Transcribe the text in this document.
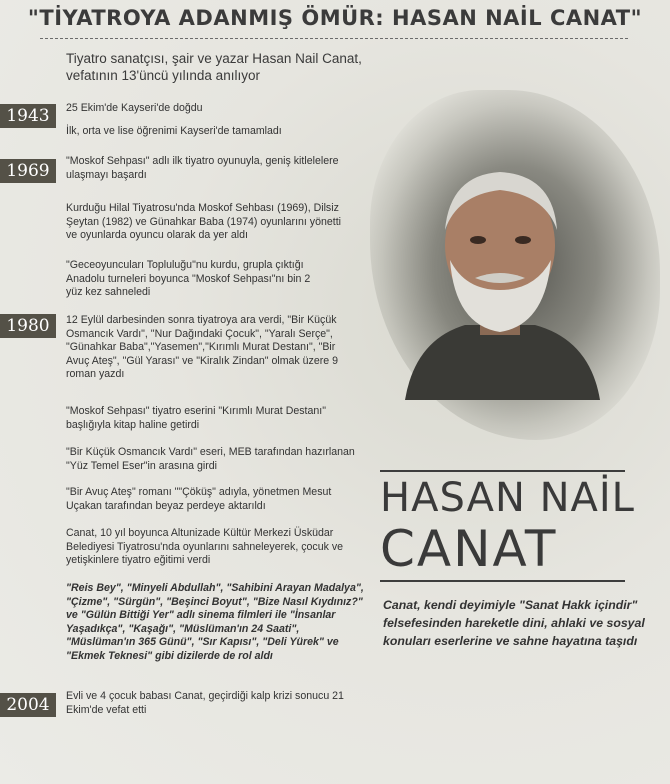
"TİYATROYA ADANMIŞ ÖMÜR: HASAN NAİL CANAT"
Tiyatro sanatçısı, şair ve yazar Hasan Nail Canat, vefatının 13'üncü yılında anılıyor
1943
1969
1980
2004
25 Ekim'de Kayseri'de doğdu
İlk, orta ve lise öğrenimi Kayseri'de tamamladı
"Moskof Sehpası" adlı ilk tiyatro oyunuyla, geniş kitlelelere ulaşmayı başardı
Kurduğu Hilal Tiyatrosu'nda Moskof Sehbası (1969), Dilsiz Şeytan (1982) ve Günahkar Baba (1974) oyunlarını yönetti ve oyunlarda oyuncu olarak da yer aldı
"Geceoyuncuları Topluluğu"nu kurdu, grupla çıktığı Anadolu turneleri boyunca "Moskof Sehpası"nı bin 2 yüz kez sahneledi
12 Eylül darbesinden sonra tiyatroya ara verdi, "Bir Küçük Osmancık Vardı", "Nur Dağındaki Çocuk", "Yaralı Serçe", "Günahkar Baba","Yasemen","Kırımlı Murat Destanı", "Bir Avuç Ateş", "Gül Yarası" ve "Kiralık Zindan" olmak üzere 9 roman yazdı
"Moskof Sehpası" tiyatro eserini "Kırımlı Murat Destanı" başlığıyla kitap haline getirdi
"Bir Küçük Osmancık Vardı" eseri, MEB tarafından hazırlanan "Yüz Temel Eser"in arasına girdi
"Bir Avuç Ateş" romanı ""Çöküş" adıyla, yönetmen Mesut Uçakan tarafından beyaz perdeye aktarıldı
Canat, 10 yıl boyunca Altunizade Kültür Merkezi Üsküdar Belediyesi Tiyatrosu'nda oyunlarını sahneleyerek, çocuk ve yetişkinlere tiyatro eğitimi verdi
"Reis Bey", "Minyeli Abdullah", "Sahibini Arayan Madalya", "Çizme", "Sürgün", "Beşinci Boyut", "Bize Nasıl Kıydınız?" ve "Gülün Bittiği Yer" adlı sinema filmleri ile "İnsanlar Yaşadıkça", "Kaşağı", "Müslüman'ın 24 Saati", "Müslüman'ın 365 Günü", "Sır Kapısı", "Deli Yürek" ve "Ekmek Teknesi" gibi dizilerde de rol aldı
Evli ve 4 çocuk babası Canat, geçirdiği kalp krizi sonucu 21 Ekim'de vefat etti
HASAN NAİL
CANAT
Canat, kendi deyimiyle "Sanat Hakk içindir" felsefesinden hareketle dini, ahlaki ve sosyal konuları eserlerine ve sahne hayatına taşıdı
